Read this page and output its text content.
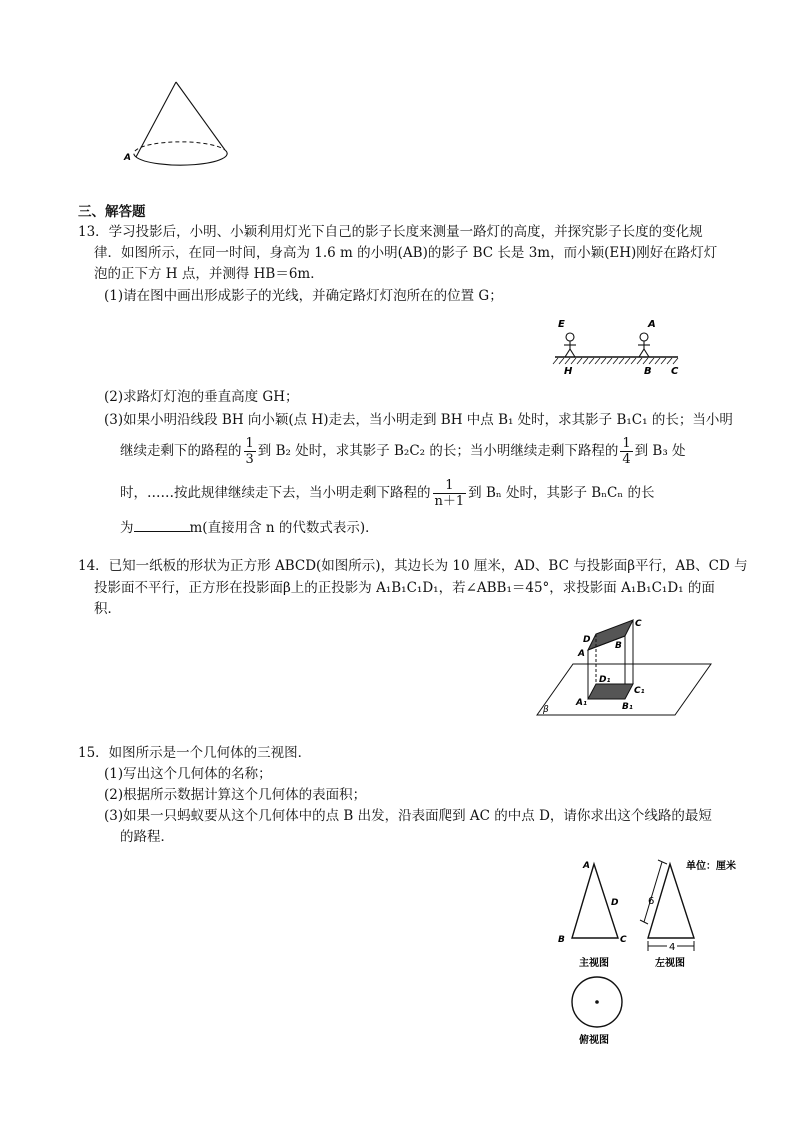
A
三、解答题
13．学习投影后，小明、小颖利用灯光下自己的影子长度来测量一路灯的高度，并探究影子长度的变化规
律．如图所示，在同一时间，身高为 1.6 m 的小明(AB)的影子 BC 长是 3m，而小颖(EH)刚好在路灯灯
泡的正下方 H 点，并测得 HB＝6m．
(1)请在图中画出形成影子的光线，并确定路灯灯泡所在的位置 G；
E	A
H	B C
(2)求路灯灯泡的垂直高度 GH；
(3)如果小明沿线段 BH 向小颖(点 H)走去，当小明走到 BH 中点 B₁ 处时，求其影子 B₁C₁ 的长；当小明
继续走剩下的路程的 $\frac{1}{3}$ 到 B₂ 处时，求其影子 B₂C₂ 的长；当小明继续走剩下路程的 $\frac{1}{4}$ 到 B₃ 处
时，……按此规律继续走下去，当小明走剩下路程的 $\frac{1}{n+1}$ 到 Bₙ 处时，其影子 BₙCₙ 的长
为	m(直接用含 n 的代数式表示)．
14．已知一纸板的形状为正方形 ABCD(如图所示)，其边长为 10 厘米，AD、BC 与投影面β平行，AB、CD 与
投影面不平行，正方形在投影面β上的正投影为 A₁B₁C₁D₁，若∠ABB₁＝45°，求投影面 A₁B₁C₁D₁ 的面
积．
D
C
A
B
D₁
C₁
A₁	B₁
β
15．如图所示是一个几何体的三视图．
(1)写出这个几何体的名称；
(2)根据所示数据计算这个几何体的表面积；
(3)如果一只蚂蚁要从这个几何体中的点 B 出发，沿表面爬到 AC 的中点 D，请你求出这个线路的最短
的路程．
A
D
B	C
主视图
6
4
左视图
单位：厘米
俯视图
